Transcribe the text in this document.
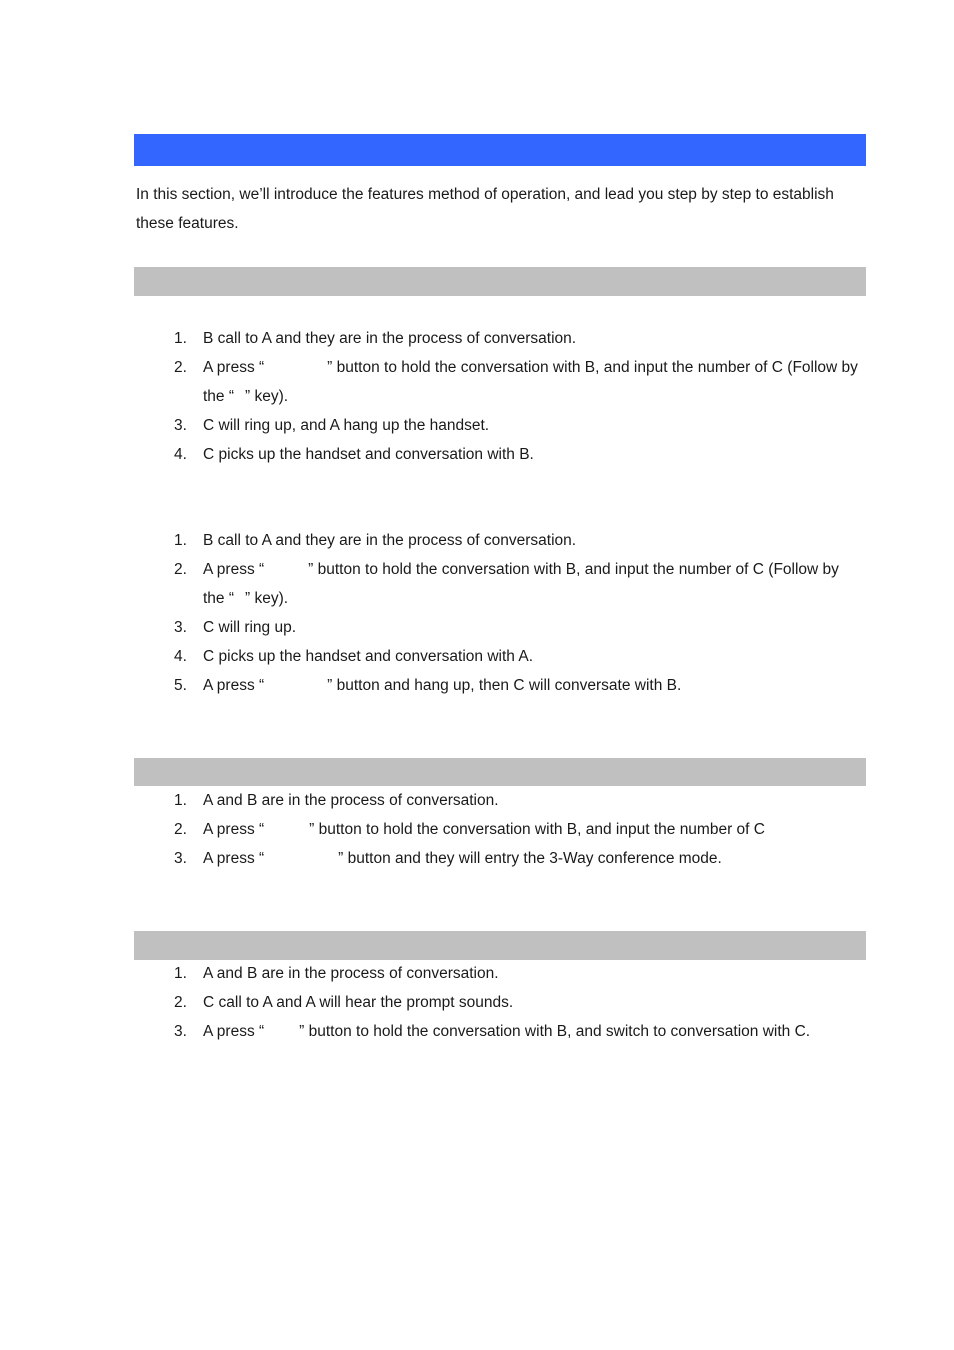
In this section, we’ll introduce the features method of operation, and lead you step by step to establish these features.

1. B call to A and they are in the process of conversation.
2. A press “	” button to hold the conversation with B, and input the number of C (Follow by the “ ” key).
3. C will ring up, and A hang up the handset.
4. C picks up the handset and conversation with B.
1. B call to A and they are in the process of conversation.
2. A press “	” button to hold the conversation with B, and input the number of C (Follow by the “ ” key).
3. C will ring up.
4. C picks up the handset and conversation with A.
5. A press “	” button and hang up, then C will conversate with B.
1. A and B are in the process of conversation.
2. A press “	” button to hold the conversation with B, and input the number of C
3. A press “	” button and they will entry the 3-Way conference mode.
1. A and B are in the process of conversation.
2. C call to A and A will hear the prompt sounds.
3. A press “ ” button to hold the conversation with B, and switch to conversation with C.
